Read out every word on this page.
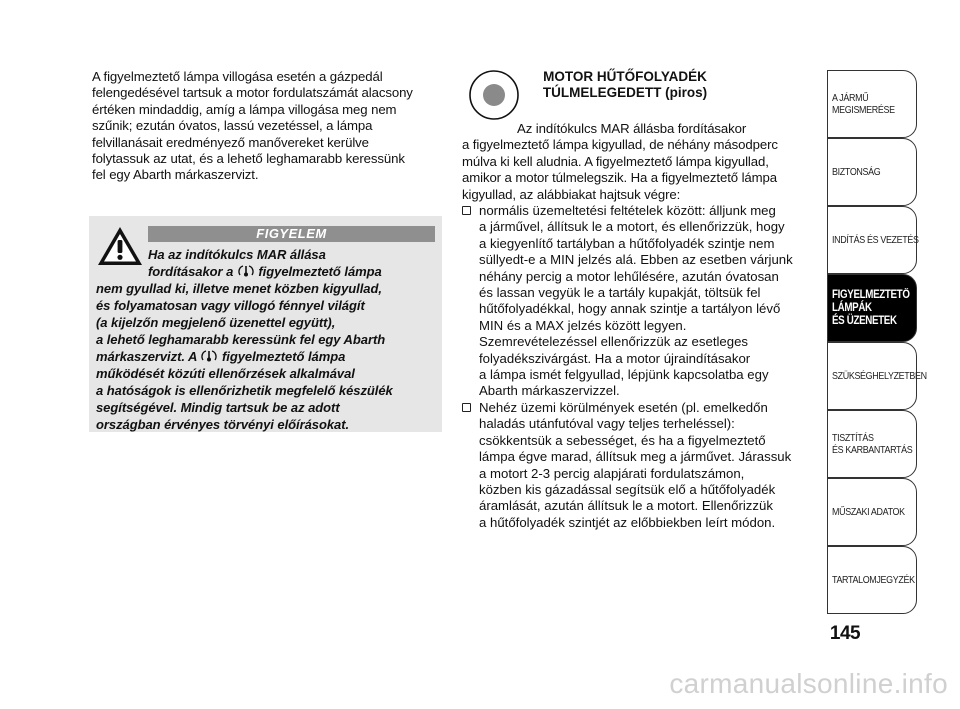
A figyelmeztető lámpa villogása esetén a gázpedál
felengedésével tartsuk a motor fordulatszámát alacsony
értéken mindaddig, amíg a lámpa villogása meg nem
szűnik; ezután óvatos, lassú vezetéssel, a lámpa
felvillanásait eredményező manővereket kerülve
folytassuk az utat, és a lehető leghamarabb keressünk
fel egy Abarth márkaszervizt.
FIGYELEM
Ha az indítókulcs MAR állása
fordításakor a figyelmeztető lámpa
nem gyullad ki, illetve menet közben kigyullad,
és folyamatosan vagy villogó fénnyel világít
(a kijelzőn megjelenő üzenettel együtt),
a lehető leghamarabb keressünk fel egy Abarth
márkaszervizt. A figyelmeztető lámpa
működését közúti ellenőrzések alkalmával
a hatóságok is ellenőrizhetik megfelelő készülék
segítségével. Mindig tartsuk be az adott
országban érvényes törvényi előírásokat.
MOTOR HŰTŐFOLYADÉK
TÚLMELEGEDETT (piros)
Az indítókulcs MAR állásba fordításakor
a figyelmeztető lámpa kigyullad, de néhány másodperc
múlva ki kell aludnia. A figyelmeztető lámpa kigyullad,
amikor a motor túlmelegszik. Ha a figyelmeztető lámpa
kigyullad, az alábbiakat hajtsuk végre:
normális üzemeltetési feltételek között: álljunk meg
a járművel, állítsuk le a motort, és ellenőrizzük, hogy
a kiegyenlítő tartályban a hűtőfolyadék szintje nem
süllyedt-e a MIN jelzés alá. Ebben az esetben várjunk
néhány percig a motor lehűlésére, azután óvatosan
és lassan vegyük le a tartály kupakját, töltsük fel
hűtőfolyadékkal, hogy annak szintje a tartályon lévő
MIN és a MAX jelzés között legyen.
Szemrevételezéssel ellenőrizzük az esetleges
folyadékszivárgást. Ha a motor újraindításakor
a lámpa ismét felgyullad, lépjünk kapcsolatba egy
Abarth márkaszervizzel.
Nehéz üzemi körülmények esetén (pl. emelkedőn
haladás utánfutóval vagy teljes terheléssel):
csökkentsük a sebességet, és ha a figyelmeztető
lámpa égve marad, állítsuk meg a járművet. Járassuk
a motort 2-3 percig alapjárati fordulatszámon,
közben kis gázadással segítsük elő a hűtőfolyadék
áramlását, azután állítsuk le a motort. Ellenőrizzük
a hűtőfolyadék szintjét az előbbiekben leírt módon.
A JÁRMŰ
MEGISMERÉSE
BIZTONSÁG
INDÍTÁS ÉS VEZETÉS
FIGYELMEZTETŐ
LÁMPÁK
ÉS ÜZENETEK
SZÜKSÉGHELYZETBEN
TISZTÍTÁS
ÉS KARBANTARTÁS
MŰSZAKI ADATOK
TARTALOMJEGYZÉK
145
carmanualsonline.info
